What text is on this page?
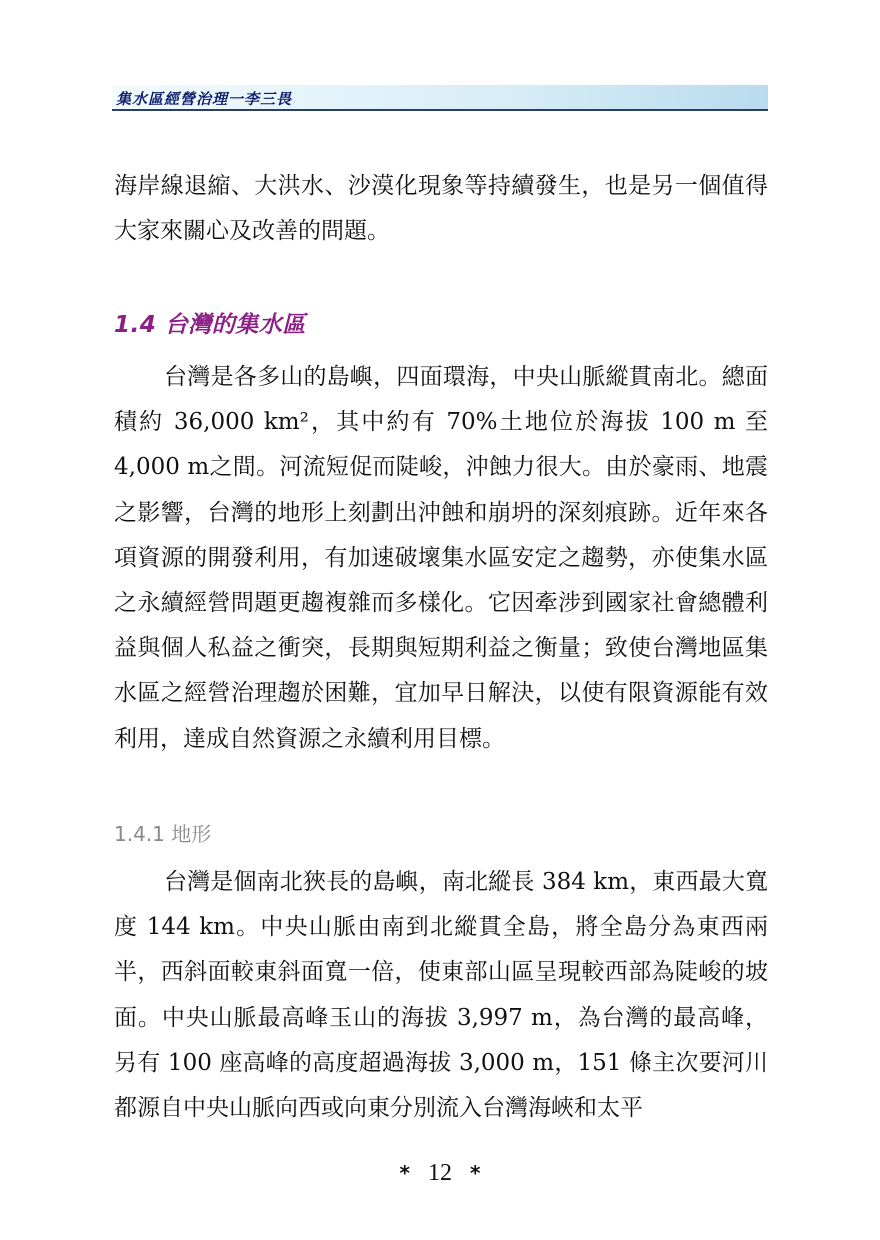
集水區經營治理一李三畏

海岸線退縮、大洪水、沙漠化現象等持續發生，也是另一個值得大家來關心及改善的問題。

1.4 台灣的集水區

台灣是各多山的島嶼，四面環海，中央山脈縱貫南北。總面積約 36,000 km²，其中約有 70%土地位於海拔 100 m 至 4,000 m之間。河流短促而陡峻，沖蝕力很大。由於豪雨、地震之影響，台灣的地形上刻劃出沖蝕和崩坍的深刻痕跡。近年來各項資源的開發利用，有加速破壞集水區安定之趨勢，亦使集水區之永續經營問題更趨複雜而多樣化。它因牽涉到國家社會總體利益與個人私益之衝突，長期與短期利益之衡量；致使台灣地區集水區之經營治理趨於困難，宜加早日解決，以使有限資源能有效利用，達成自然資源之永續利用目標。

1.4.1 地形

台灣是個南北狹長的島嶼，南北縱長 384 km，東西最大寬度 144 km。中央山脈由南到北縱貫全島，將全島分為東西兩半，西斜面較東斜面寬一倍，使東部山區呈現較西部為陡峻的坡面。中央山脈最高峰玉山的海拔 3,997 m，為台灣的最高峰，另有 100 座高峰的高度超過海拔 3,000 m，151 條主次要河川都源自中央山脈向西或向東分別流入台灣海峽和太平

* 12 *
